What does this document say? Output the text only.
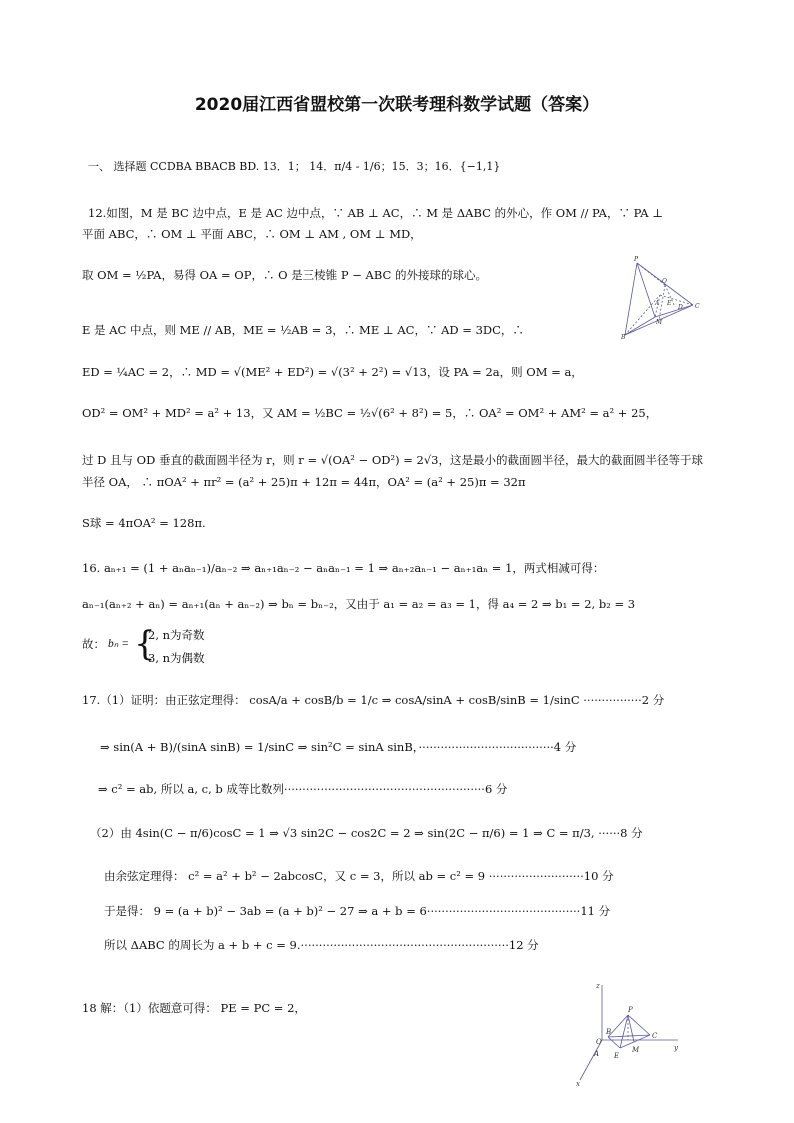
2020届江西省盟校第一次联考理科数学试题（答案）
一、 选择题 CCDBA BBACB BD. 13．1； 14．π/4 - 1/6；15．3；16．{−1,1}
12.如图，M 是 BC 边中点，E 是 AC 边中点，∵ AB ⊥ AC，∴ M 是 ΔABC 的外心，作 OM // PA，∵ PA ⊥
平面 ABC，∴ OM ⊥ 平面 ABC，∴ OM ⊥ AM , OM ⊥ MD，
取 OM = ½PA，易得 OA = OP，∴ O 是三棱锥 P − ABC 的外接球的球心。
E 是 AC 中点，则 ME // AB，ME = ½AB = 3，∴ ME ⊥ AC，∵ AD = 3DC，∴
ED = ¼AC = 2，∴ MD = √(ME² + ED²) = √(3² + 2²) = √13，设 PA = 2a，则 OM = a，
OD² = OM² + MD² = a² + 13，又 AM = ½BC = ½√(6² + 8²) = 5，∴ OA² = OM² + AM² = a² + 25，
过 D 且与 OD 垂直的截面圆半径为 r，则 r = √(OA² − OD²) = 2√3，这是最小的截面圆半径，最大的截面圆半径等于球
半径 OA， ∴ πOA² + πr² = (a² + 25)π + 12π = 44π，OA² = (a² + 25)π = 32π
S球 = 4πOA² = 128π.
P
O
A E
D
M
C
B
16. aₙ₊₁ = (1 + aₙaₙ₋₁)/aₙ₋₂ ⇒ aₙ₊₁aₙ₋₂ − aₙaₙ₋₁ = 1 ⇒ aₙ₊₂aₙ₋₁ − aₙ₊₁aₙ = 1，两式相减可得：
aₙ₋₁(aₙ₊₂ + aₙ) = aₙ₊₁(aₙ + aₙ₋₂) ⇒ bₙ = bₙ₋₂，又由于 a₁ = a₂ = a₃ = 1，得 a₄ = 2 ⇒ b₁ = 2, b₂ = 3
故： bₙ = {
2, n为奇数
3, n为偶数
17.（1）证明：由正弦定理得： cosA/a + cosB/b = 1/c ⇒ cosA/sinA + cosB/sinB = 1/sinC ················2 分
⇒ sin(A + B)/(sinA sinB) = 1/sinC ⇒ sin²C = sinA sinB，·····································4 分
⇒ c² = ab, 所以 a, c, b 成等比数列·······················································6 分
（2）由 4sin(C − π/6)cosC = 1 ⇒ √3 sin2C − cos2C = 2 ⇒ sin(2C − π/6) = 1 ⇒ C = π/3, ······8 分
由余弦定理得： c² = a² + b² − 2abcosC，又 c = 3，所以 ab = c² = 9 ··························10 分
于是得： 9 = (a + b)² − 3ab = (a + b)² − 27 ⇒ a + b = 6··········································11 分
所以 ΔABC 的周长为 a + b + c = 9.·························································12 分
18 解：（1）依题意可得： PE = PC = 2，
z
P
B
O
A E
M
C
y
x
